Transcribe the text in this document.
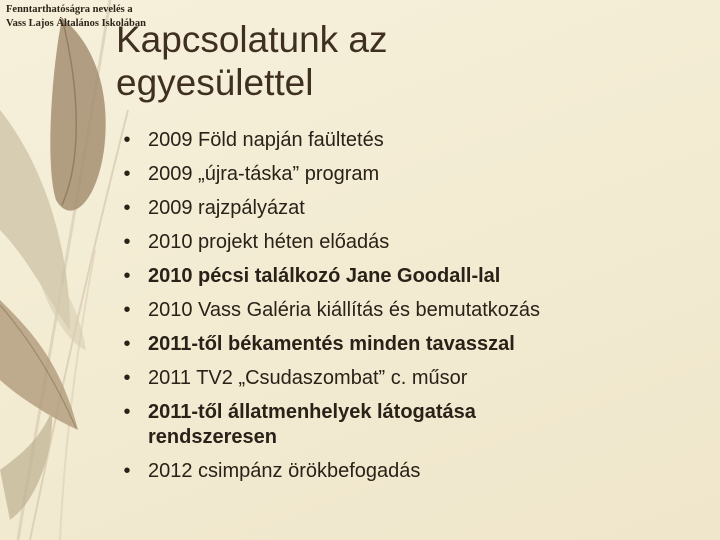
Fenntarthatóságra nevelés a
Vass Lajos Általános Iskolában
Kapcsolatunk az
egyesülettel
• 2009 Föld napján faültetés
• 2009 „újra-táska” program
• 2009 rajzpályázat
• 2010 projekt héten előadás
• 2010 pécsi találkozó Jane Goodall-lal
• 2010 Vass Galéria kiállítás és bemutatkozás
• 2011-től békamentés minden tavasszal
• 2011 TV2 „Csudaszombat” c. műsor
• 2011-től állatmenhelyek látogatása rendszeresen
• 2012 csimpánz örökbefogadás
